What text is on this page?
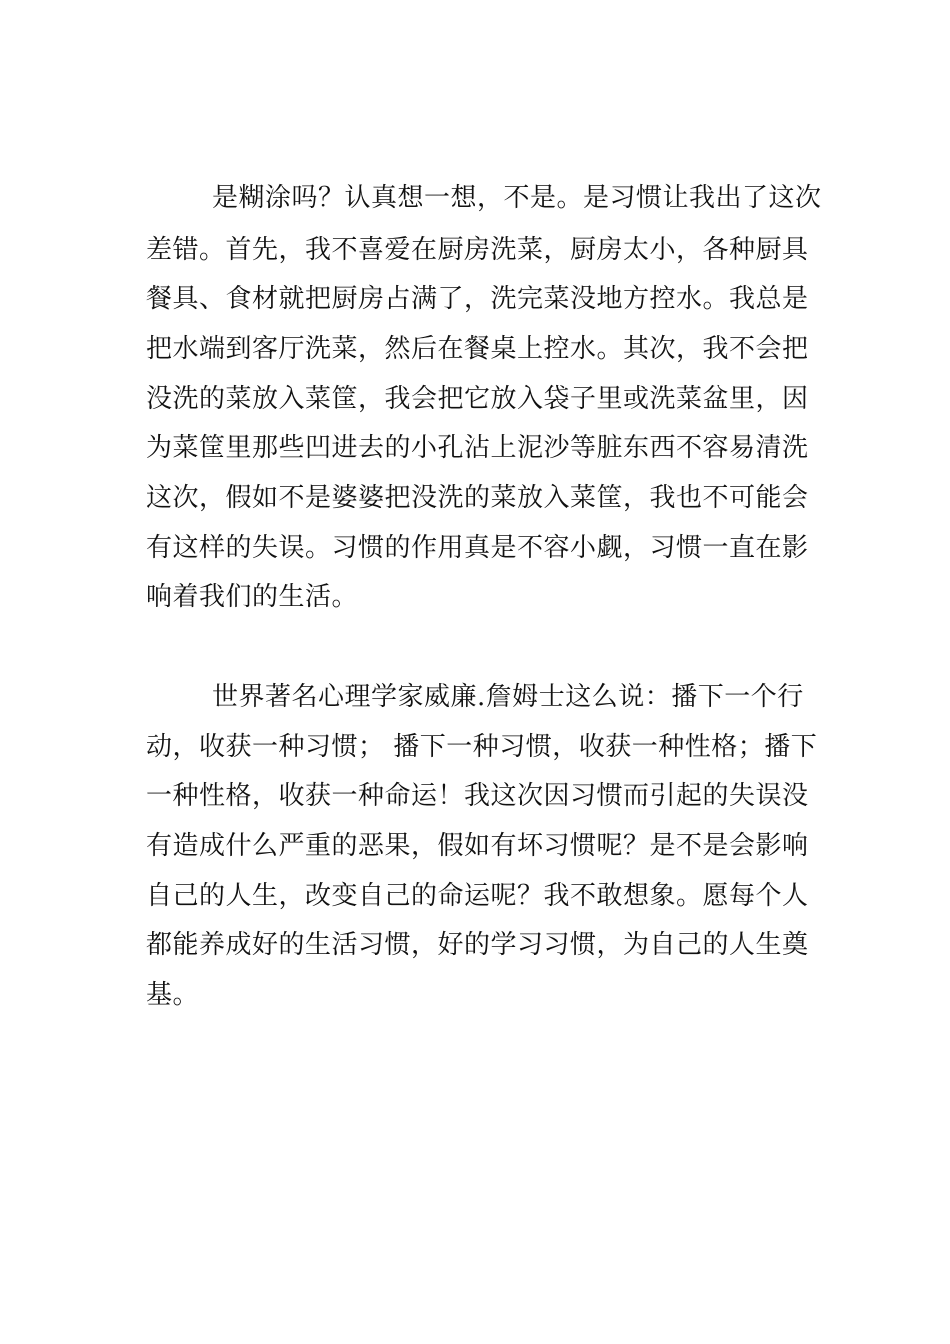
是糊涂吗？认真想一想，不是。是习惯让我出了这次
差错。首先，我不喜爱在厨房洗菜，厨房太小，各种厨具
餐具、食材就把厨房占满了，洗完菜没地方控水。我总是
把水端到客厅洗菜，然后在餐桌上控水。其次，我不会把
没洗的菜放入菜筐，我会把它放入袋子里或洗菜盆里，因
为菜筐里那些凹进去的小孔沾上泥沙等脏东西不容易清洗
这次，假如不是婆婆把没洗的菜放入菜筐，我也不可能会
有这样的失误。习惯的作用真是不容小觑，习惯一直在影
响着我们的生活。
世界著名心理学家威廉.詹姆士这么说：播下一个行
动，收获一种习惯； 播下一种习惯，收获一种性格；播下
一种性格，收获一种命运！我这次因习惯而引起的失误没
有造成什么严重的恶果，假如有坏习惯呢？是不是会影响
自己的人生，改变自己的命运呢？我不敢想象。愿每个人
都能养成好的生活习惯，好的学习习惯，为自己的人生奠
基。
